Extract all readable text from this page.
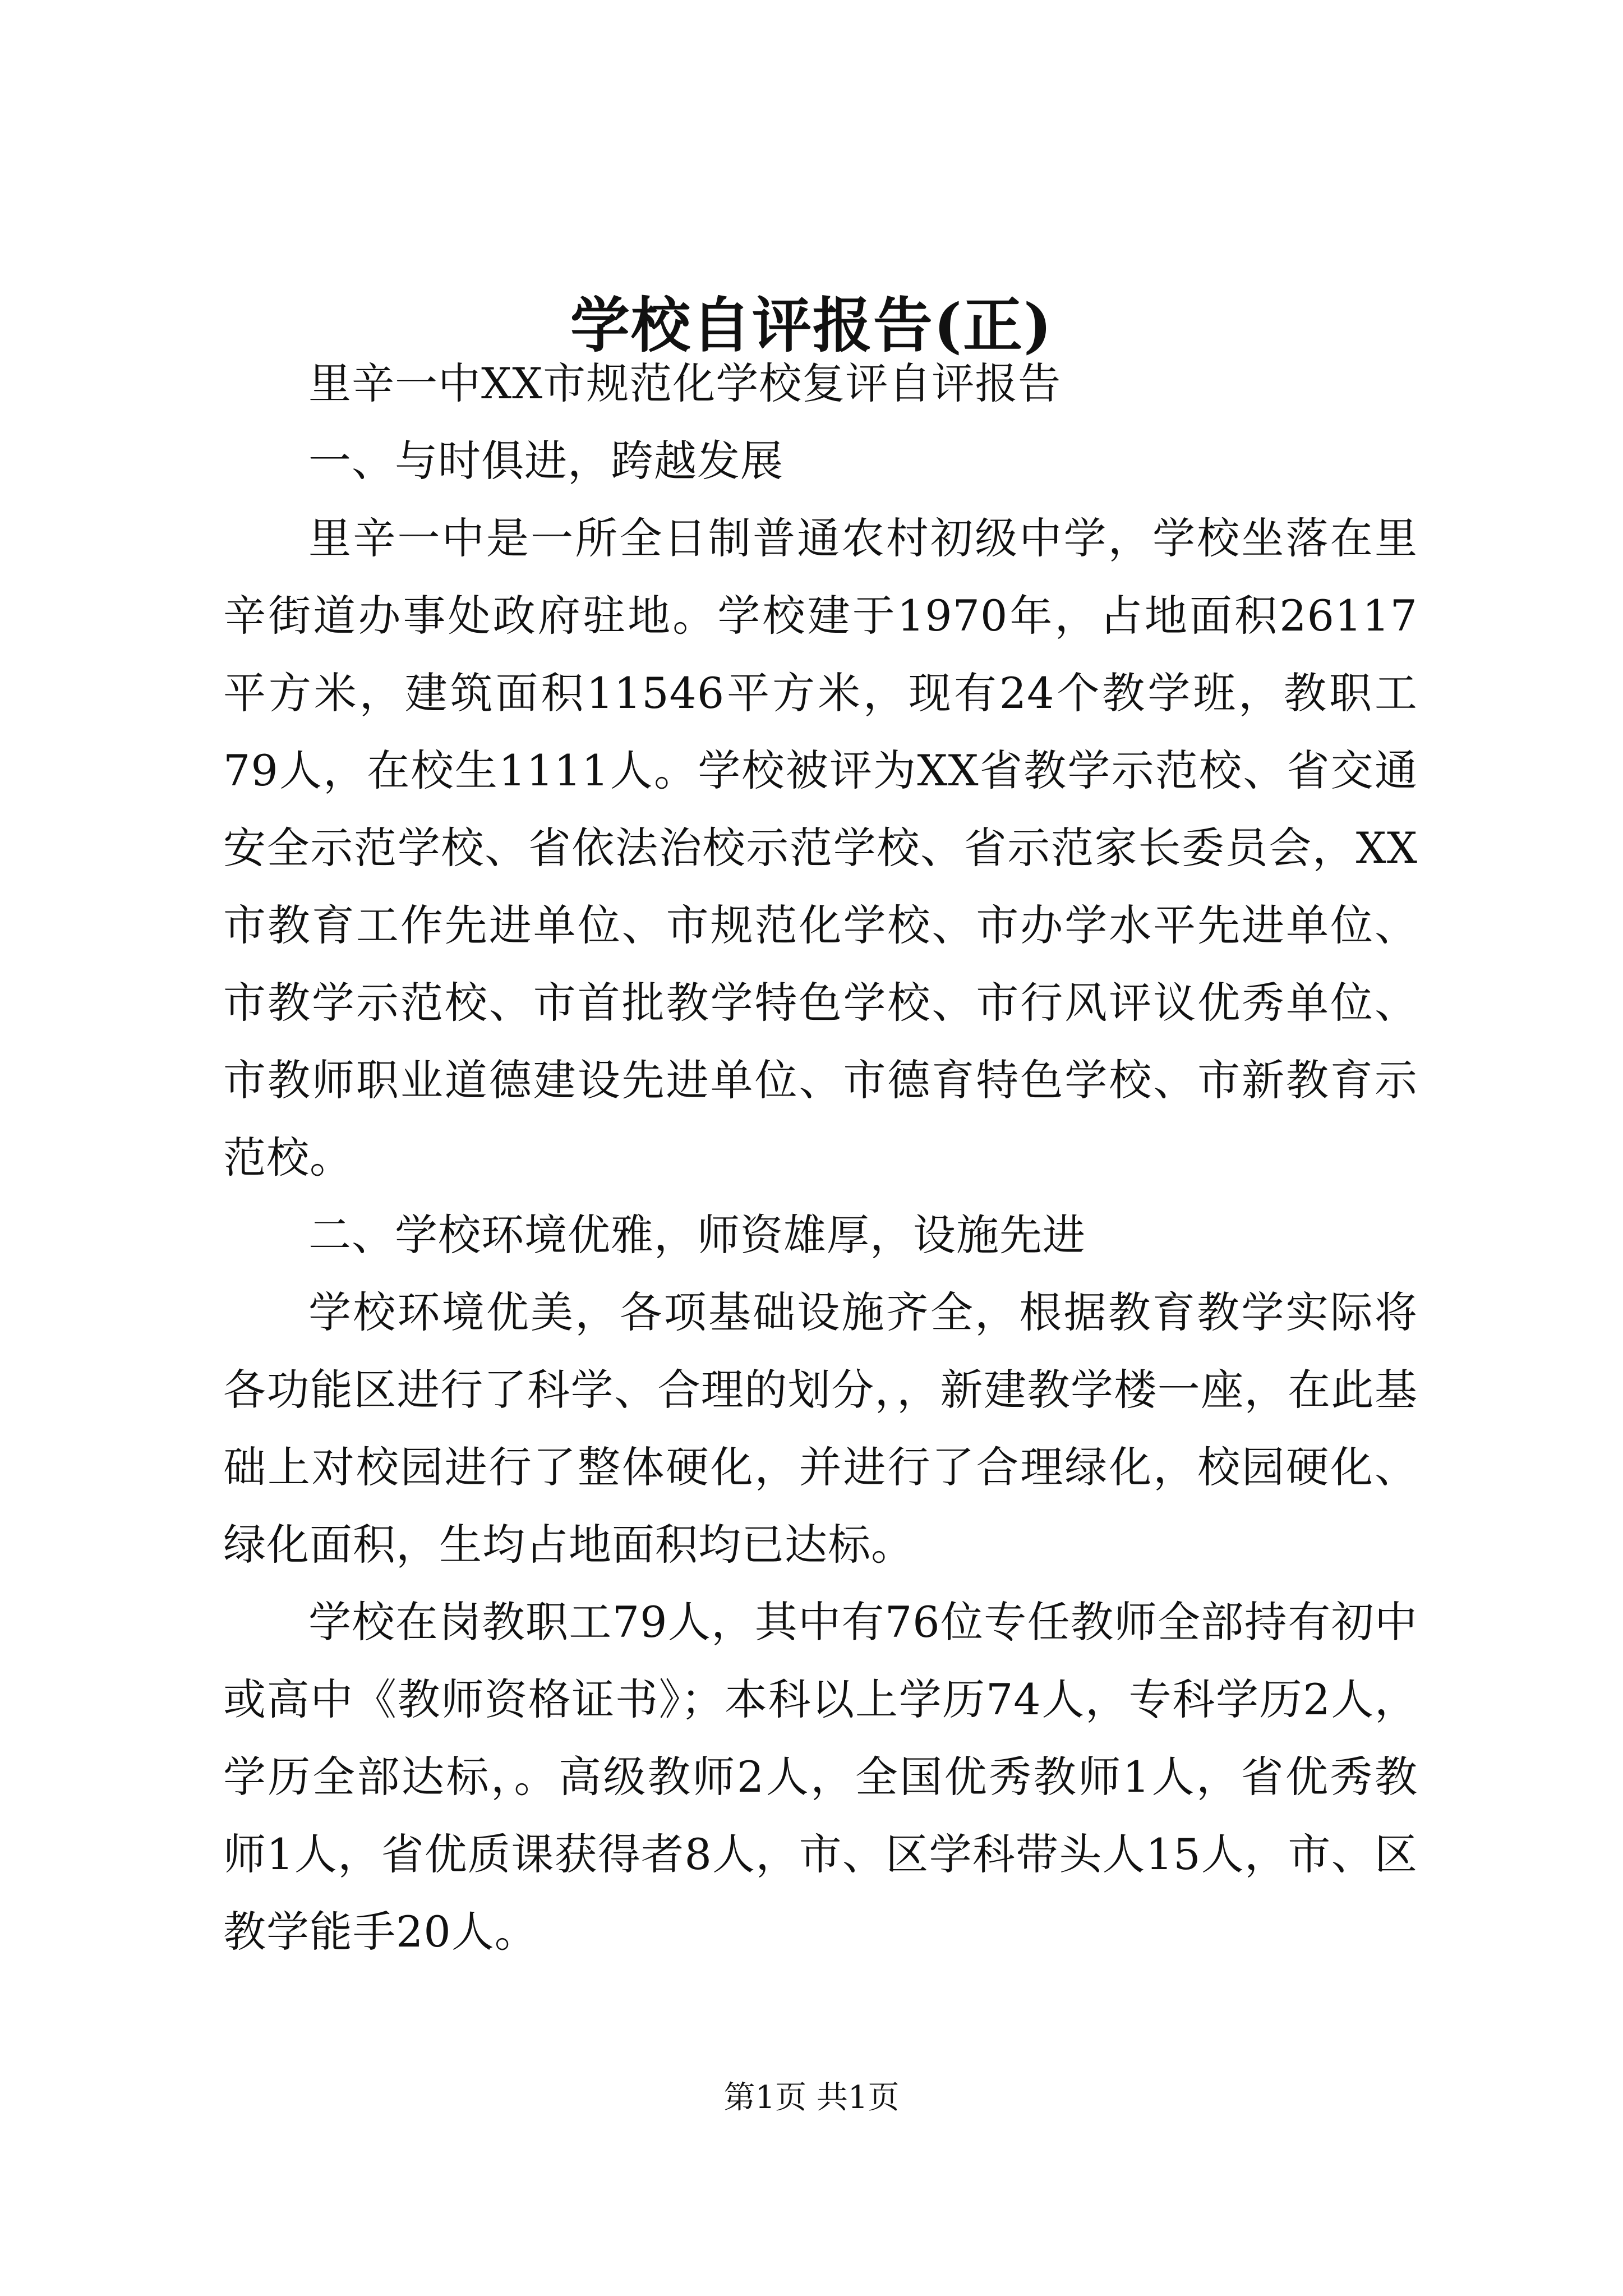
学校自评报告(正)

里辛一中XX市规范化学校复评自评报告

一、与时俱进，跨越发展

里辛一中是一所全日制普通农村初级中学，学校坐落在里辛街道办事处政府驻地。学校建于1970年，占地面积26117平方米，建筑面积11546平方米，现有24个教学班，教职工79人，在校生1111人。学校被评为XX省教学示范校、省交通安全示范学校、省依法治校示范学校、省示范家长委员会，XX市教育工作先进单位、市规范化学校、市办学水平先进单位、市教学示范校、市首批教学特色学校、市行风评议优秀单位、市教师职业道德建设先进单位、市德育特色学校、市新教育示范校。

二、学校环境优雅，师资雄厚，设施先进

学校环境优美，各项基础设施齐全，根据教育教学实际将各功能区进行了科学、合理的划分，，新建教学楼一座，在此基础上对校园进行了整体硬化，并进行了合理绿化，校园硬化、绿化面积，生均占地面积均已达标。

学校在岗教职工79人，其中有76位专任教师全部持有初中或高中《教师资格证书》；本科以上学历74人，专科学历2人，学历全部达标，。高级教师2人，全国优秀教师1人，省优秀教师1人，省优质课获得者8人，市、区学科带头人15人，市、区教学能手20人。

第1页 共1页
